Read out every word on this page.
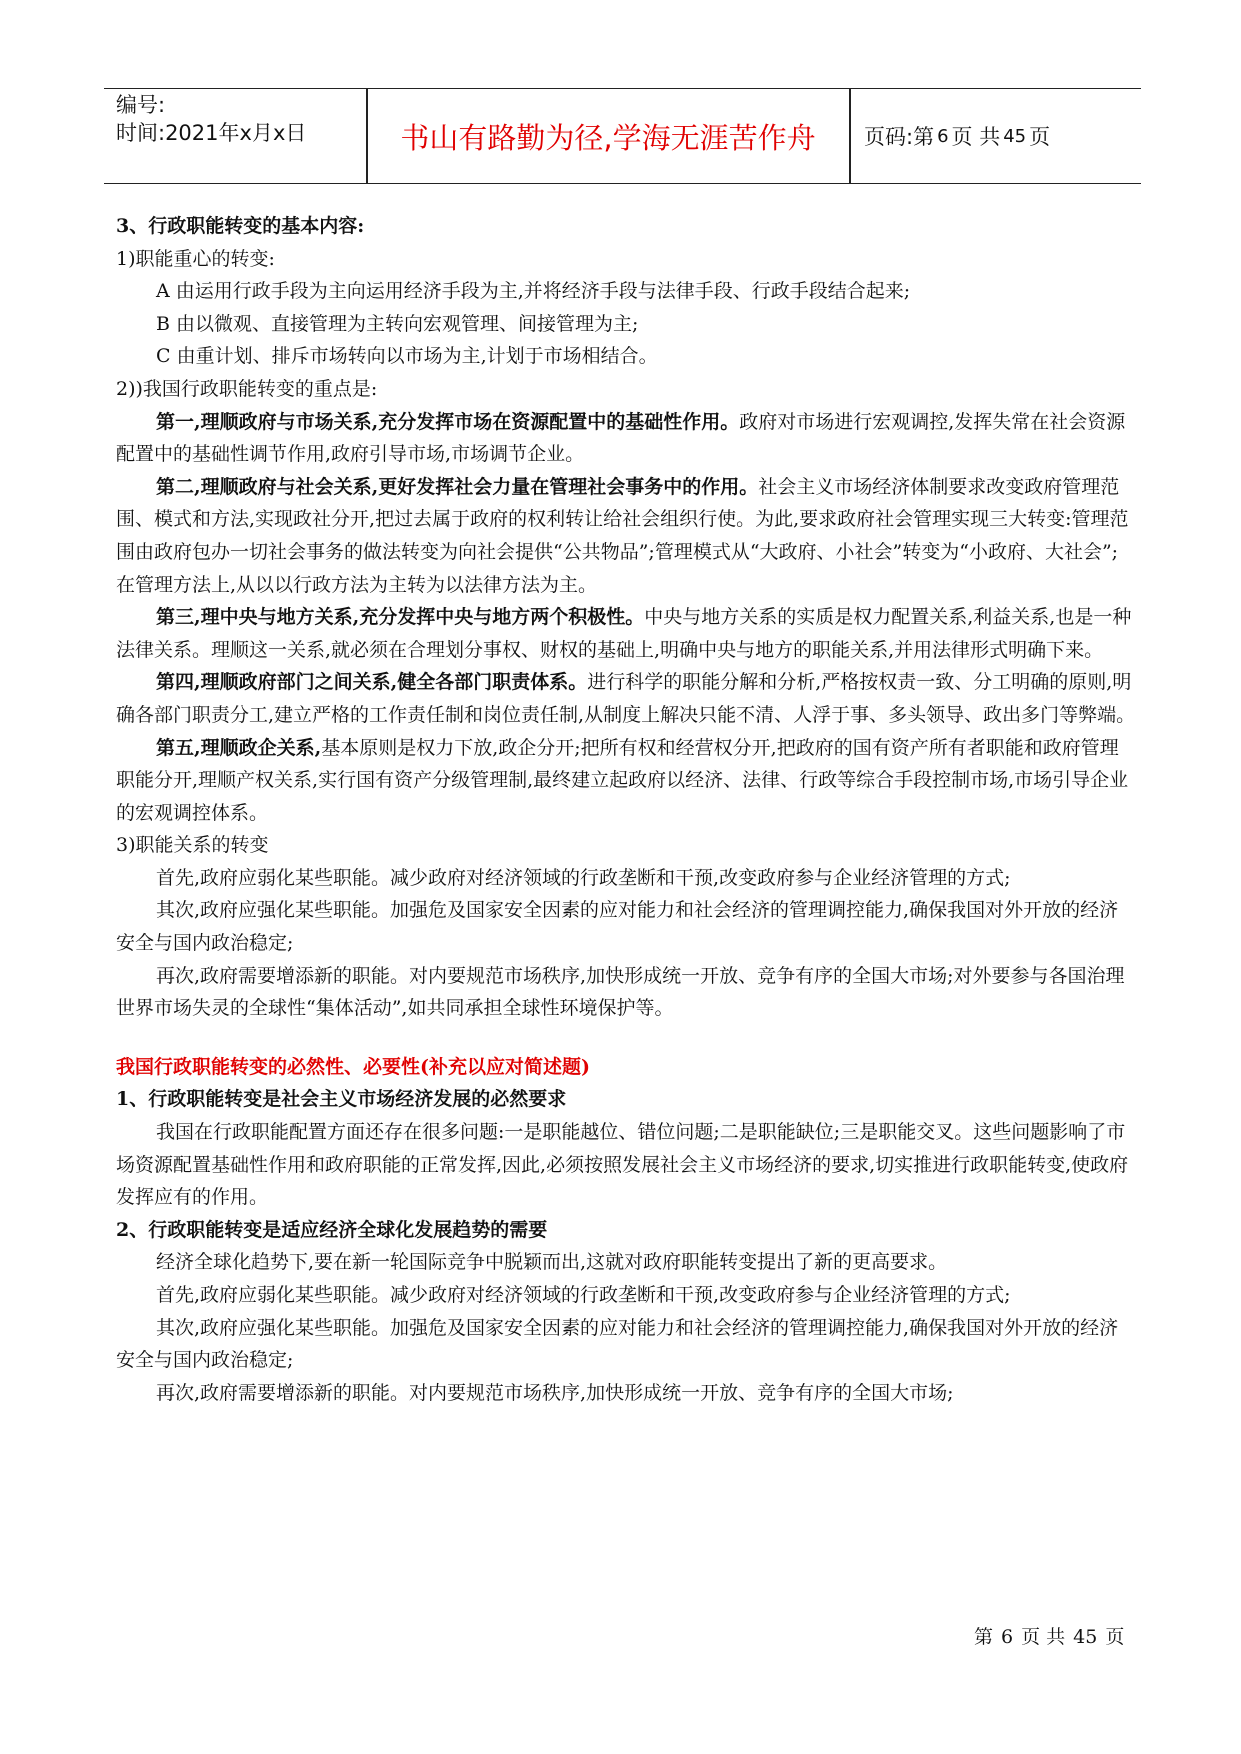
编号:
时间:2021年x月x日	书山有路勤为径,学海无涯苦作舟	页码:第 6 页 共 45 页

3、行政职能转变的基本内容:

1)职能重心的转变:

A 由运用行政手段为主向运用经济手段为主,并将经济手段与法律手段、行政手段结合起来;

B 由以微观、直接管理为主转向宏观管理、间接管理为主;

C 由重计划、排斥市场转向以市场为主,计划于市场相结合。

2))我国行政职能转变的重点是:

第一,理顺政府与市场关系,充分发挥市场在资源配置中的基础性作用。政府对市场进行宏观调控,发挥失常在社会资源配置中的基础性调节作用,政府引导市场,市场调节企业。

第二,理顺政府与社会关系,更好发挥社会力量在管理社会事务中的作用。社会主义市场经济体制要求改变政府管理范围、模式和方法,实现政社分开,把过去属于政府的权利转让给社会组织行使。为此,要求政府社会管理实现三大转变:管理范围由政府包办一切社会事务的做法转变为向社会提供“公共物品”;管理模式从“大政府、小社会”转变为“小政府、大社会”;在管理方法上,从以以行政方法为主转为以法律方法为主。

第三,理中央与地方关系,充分发挥中央与地方两个积极性。中央与地方关系的实质是权力配置关系,利益关系,也是一种法律关系。理顺这一关系,就必须在合理划分事权、财权的基础上,明确中央与地方的职能关系,并用法律形式明确下来。

第四,理顺政府部门之间关系,健全各部门职责体系。进行科学的职能分解和分析,严格按权责一致、分工明确的原则,明确各部门职责分工,建立严格的工作责任制和岗位责任制,从制度上解决只能不清、人浮于事、多头领导、政出多门等弊端。

第五,理顺政企关系,基本原则是权力下放,政企分开;把所有权和经营权分开,把政府的国有资产所有者职能和政府管理职能分开,理顺产权关系,实行国有资产分级管理制,最终建立起政府以经济、法律、行政等综合手段控制市场,市场引导企业的宏观调控体系。

3)职能关系的转变

首先,政府应弱化某些职能。减少政府对经济领域的行政垄断和干预,改变政府参与企业经济管理的方式;

其次,政府应强化某些职能。加强危及国家安全因素的应对能力和社会经济的管理调控能力,确保我国对外开放的经济安全与国内政治稳定;

再次,政府需要增添新的职能。对内要规范市场秩序,加快形成统一开放、竞争有序的全国大市场;对外要参与各国治理世界市场失灵的全球性“集体活动”,如共同承担全球性环境保护等。

我国行政职能转变的必然性、必要性(补充以应对简述题)

1、行政职能转变是社会主义市场经济发展的必然要求

我国在行政职能配置方面还存在很多问题:一是职能越位、错位问题;二是职能缺位;三是职能交叉。这些问题影响了市场资源配置基础性作用和政府职能的正常发挥,因此,必须按照发展社会主义市场经济的要求,切实推进行政职能转变,使政府发挥应有的作用。

2、行政职能转变是适应经济全球化发展趋势的需要

经济全球化趋势下,要在新一轮国际竞争中脱颖而出,这就对政府职能转变提出了新的更高要求。

首先,政府应弱化某些职能。减少政府对经济领域的行政垄断和干预,改变政府参与企业经济管理的方式;

其次,政府应强化某些职能。加强危及国家安全因素的应对能力和社会经济的管理调控能力,确保我国对外开放的经济安全与国内政治稳定;

再次,政府需要增添新的职能。对内要规范市场秩序,加快形成统一开放、竞争有序的全国大市场;

第 6 页 共 45 页
